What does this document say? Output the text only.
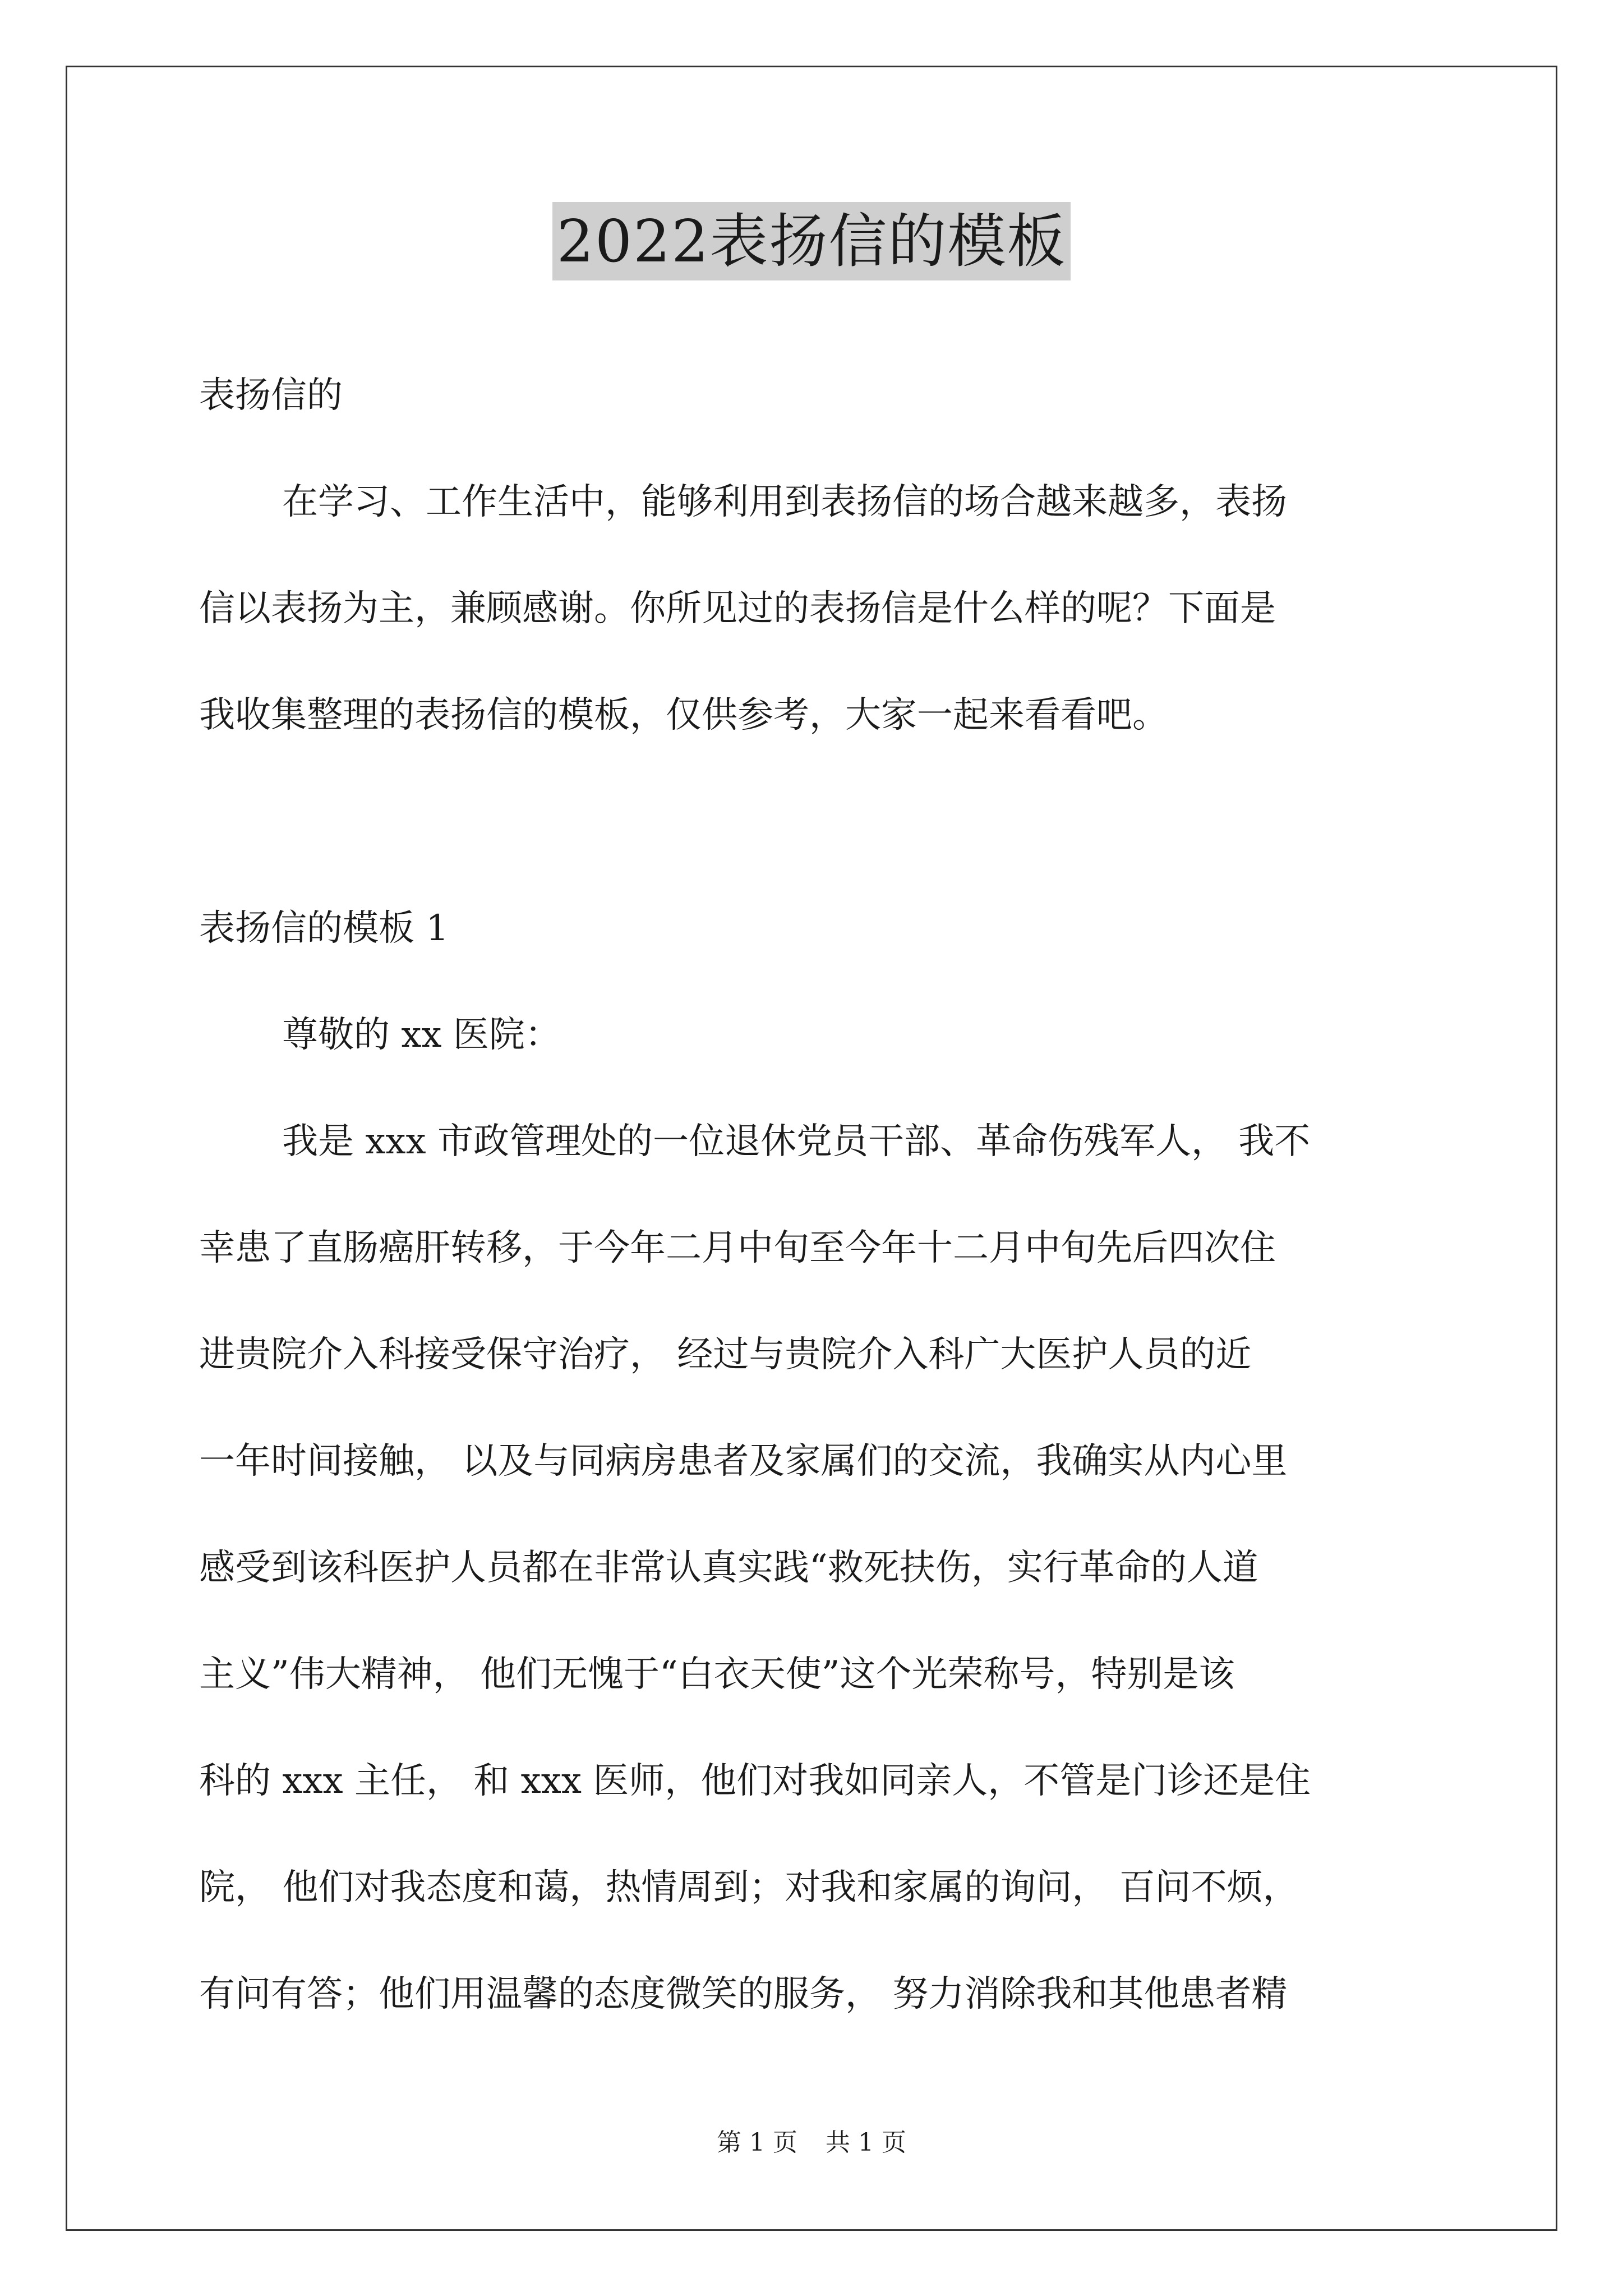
2022表扬信的模板

表扬信的

在学习、工作生活中，能够利用到表扬信的场合越来越多，表扬

信以表扬为主，兼顾感谢。你所见过的表扬信是什么样的呢？下面是

我收集整理的表扬信的模板，仅供参考，大家一起来看看吧。

表扬信的模板 1

尊敬的 xx 医院：

我是 xxx 市政管理处的一位退休党员干部、革命伤残军人， 我不

幸患了直肠癌肝转移，于今年二月中旬至今年十二月中旬先后四次住

进贵院介入科接受保守治疗， 经过与贵院介入科广大医护人员的近

一年时间接触， 以及与同病房患者及家属们的交流，我确实从内心里

感受到该科医护人员都在非常认真实践“救死扶伤，实行革命的人道

主义”伟大精神， 他们无愧于“白衣天使”这个光荣称号，特别是该

科的 xxx 主任， 和 xxx 医师，他们对我如同亲人，不管是门诊还是住

院， 他们对我态度和蔼，热情周到；对我和家属的询问， 百问不烦，

有问有答；他们用温馨的态度微笑的服务， 努力消除我和其他患者精

第 1 页 共 1 页
